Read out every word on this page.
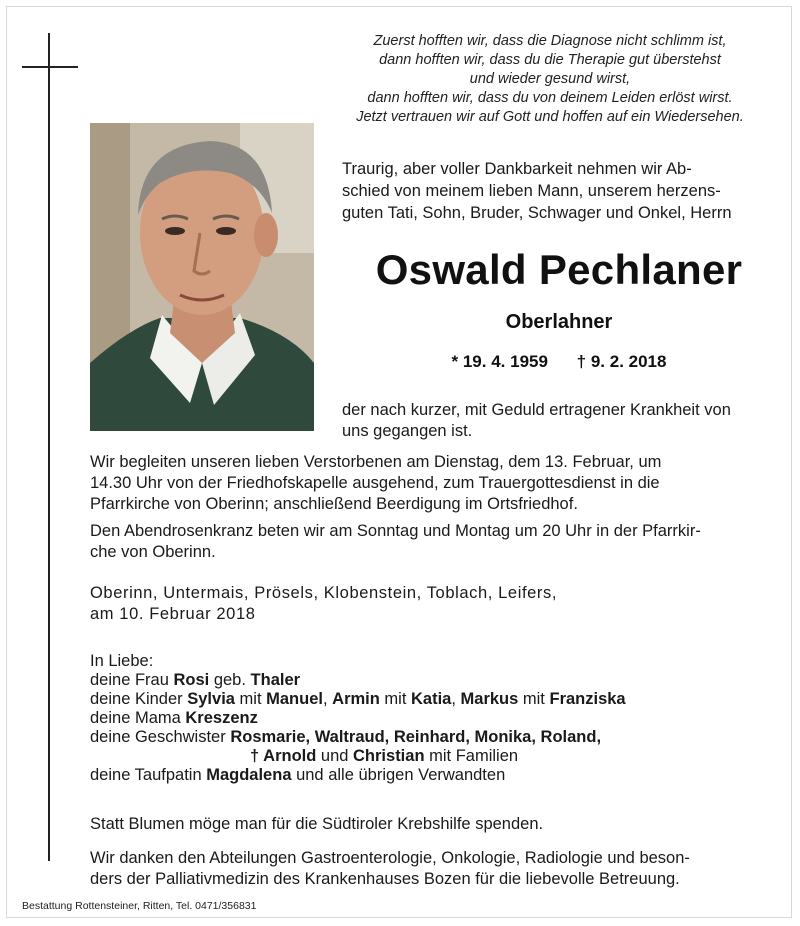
Zuerst hofften wir, dass die Diagnose nicht schlimm ist,
dann hofften wir, dass du die Therapie gut überstehst
und wieder gesund wirst,
dann hofften wir, dass du von deinem Leiden erlöst wirst.
Jetzt vertrauen wir auf Gott und hoffen auf ein Wiedersehen.
Traurig, aber voller Dankbarkeit nehmen wir Ab-
schied von meinem lieben Mann, unserem herzens-
guten Tati, Sohn, Bruder, Schwager und Onkel, Herrn
Oswald Pechlaner
Oberlahner
* 19. 4. 1959 † 9. 2. 2018
der nach kurzer, mit Geduld ertragener Krankheit von
uns gegangen ist.
Wir begleiten unseren lieben Verstorbenen am Dienstag, dem 13. Februar, um
14.30 Uhr von der Friedhofskapelle ausgehend, zum Trauergottesdienst in die
Pfarrkirche von Oberinn; anschließend Beerdigung im Ortsfriedhof.
Den Abendrosenkranz beten wir am Sonntag und Montag um 20 Uhr in der Pfarrkir-
che von Oberinn.
Oberinn, Untermais, Prösels, Klobenstein, Toblach, Leifers,
am 10. Februar 2018
In Liebe:
deine Frau Rosi geb. Thaler
deine Kinder Sylvia mit Manuel, Armin mit Katia, Markus mit Franziska
deine Mama Kreszenz
deine Geschwister Rosmarie, Waltraud, Reinhard, Monika, Roland,
† Arnold und Christian mit Familien
deine Taufpatin Magdalena und alle übrigen Verwandten
Statt Blumen möge man für die Südtiroler Krebshilfe spenden.
Wir danken den Abteilungen Gastroenterologie, Onkologie, Radiologie und beson-
ders der Palliativmedizin des Krankenhauses Bozen für die liebevolle Betreuung.
Bestattung Rottensteiner, Ritten, Tel. 0471/356831
